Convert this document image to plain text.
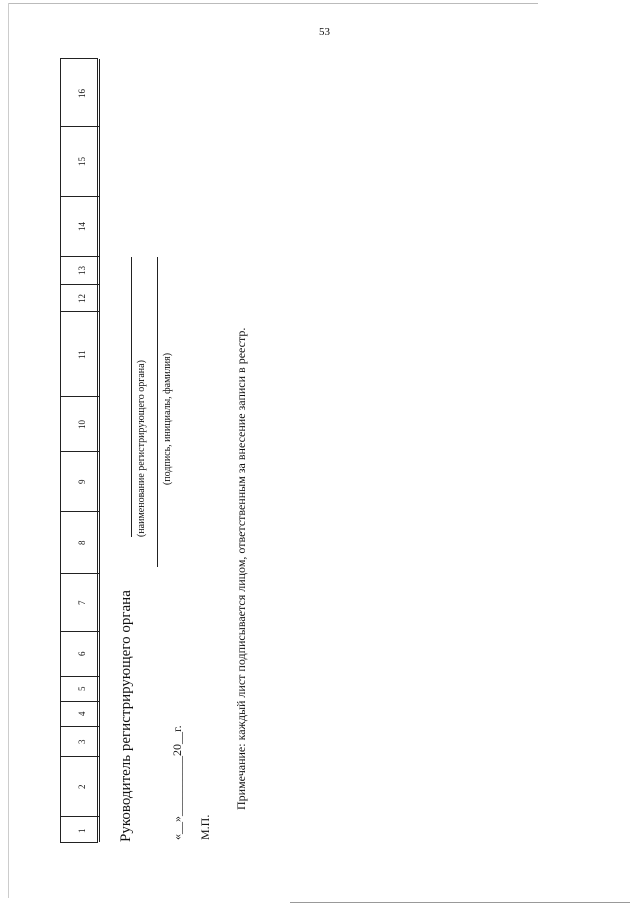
53
1
2
3
4
5
6
7
8
9
10
11
12
13
14
15
16
Руководитель регистрирующего органа
(наименование регистрирующего органа) (подпись, инициалы, фамилия)
«__»__________20__г. М.П.
Примечание: каждый лист подписывается лицом, ответственным за внесение записи в реестр.
